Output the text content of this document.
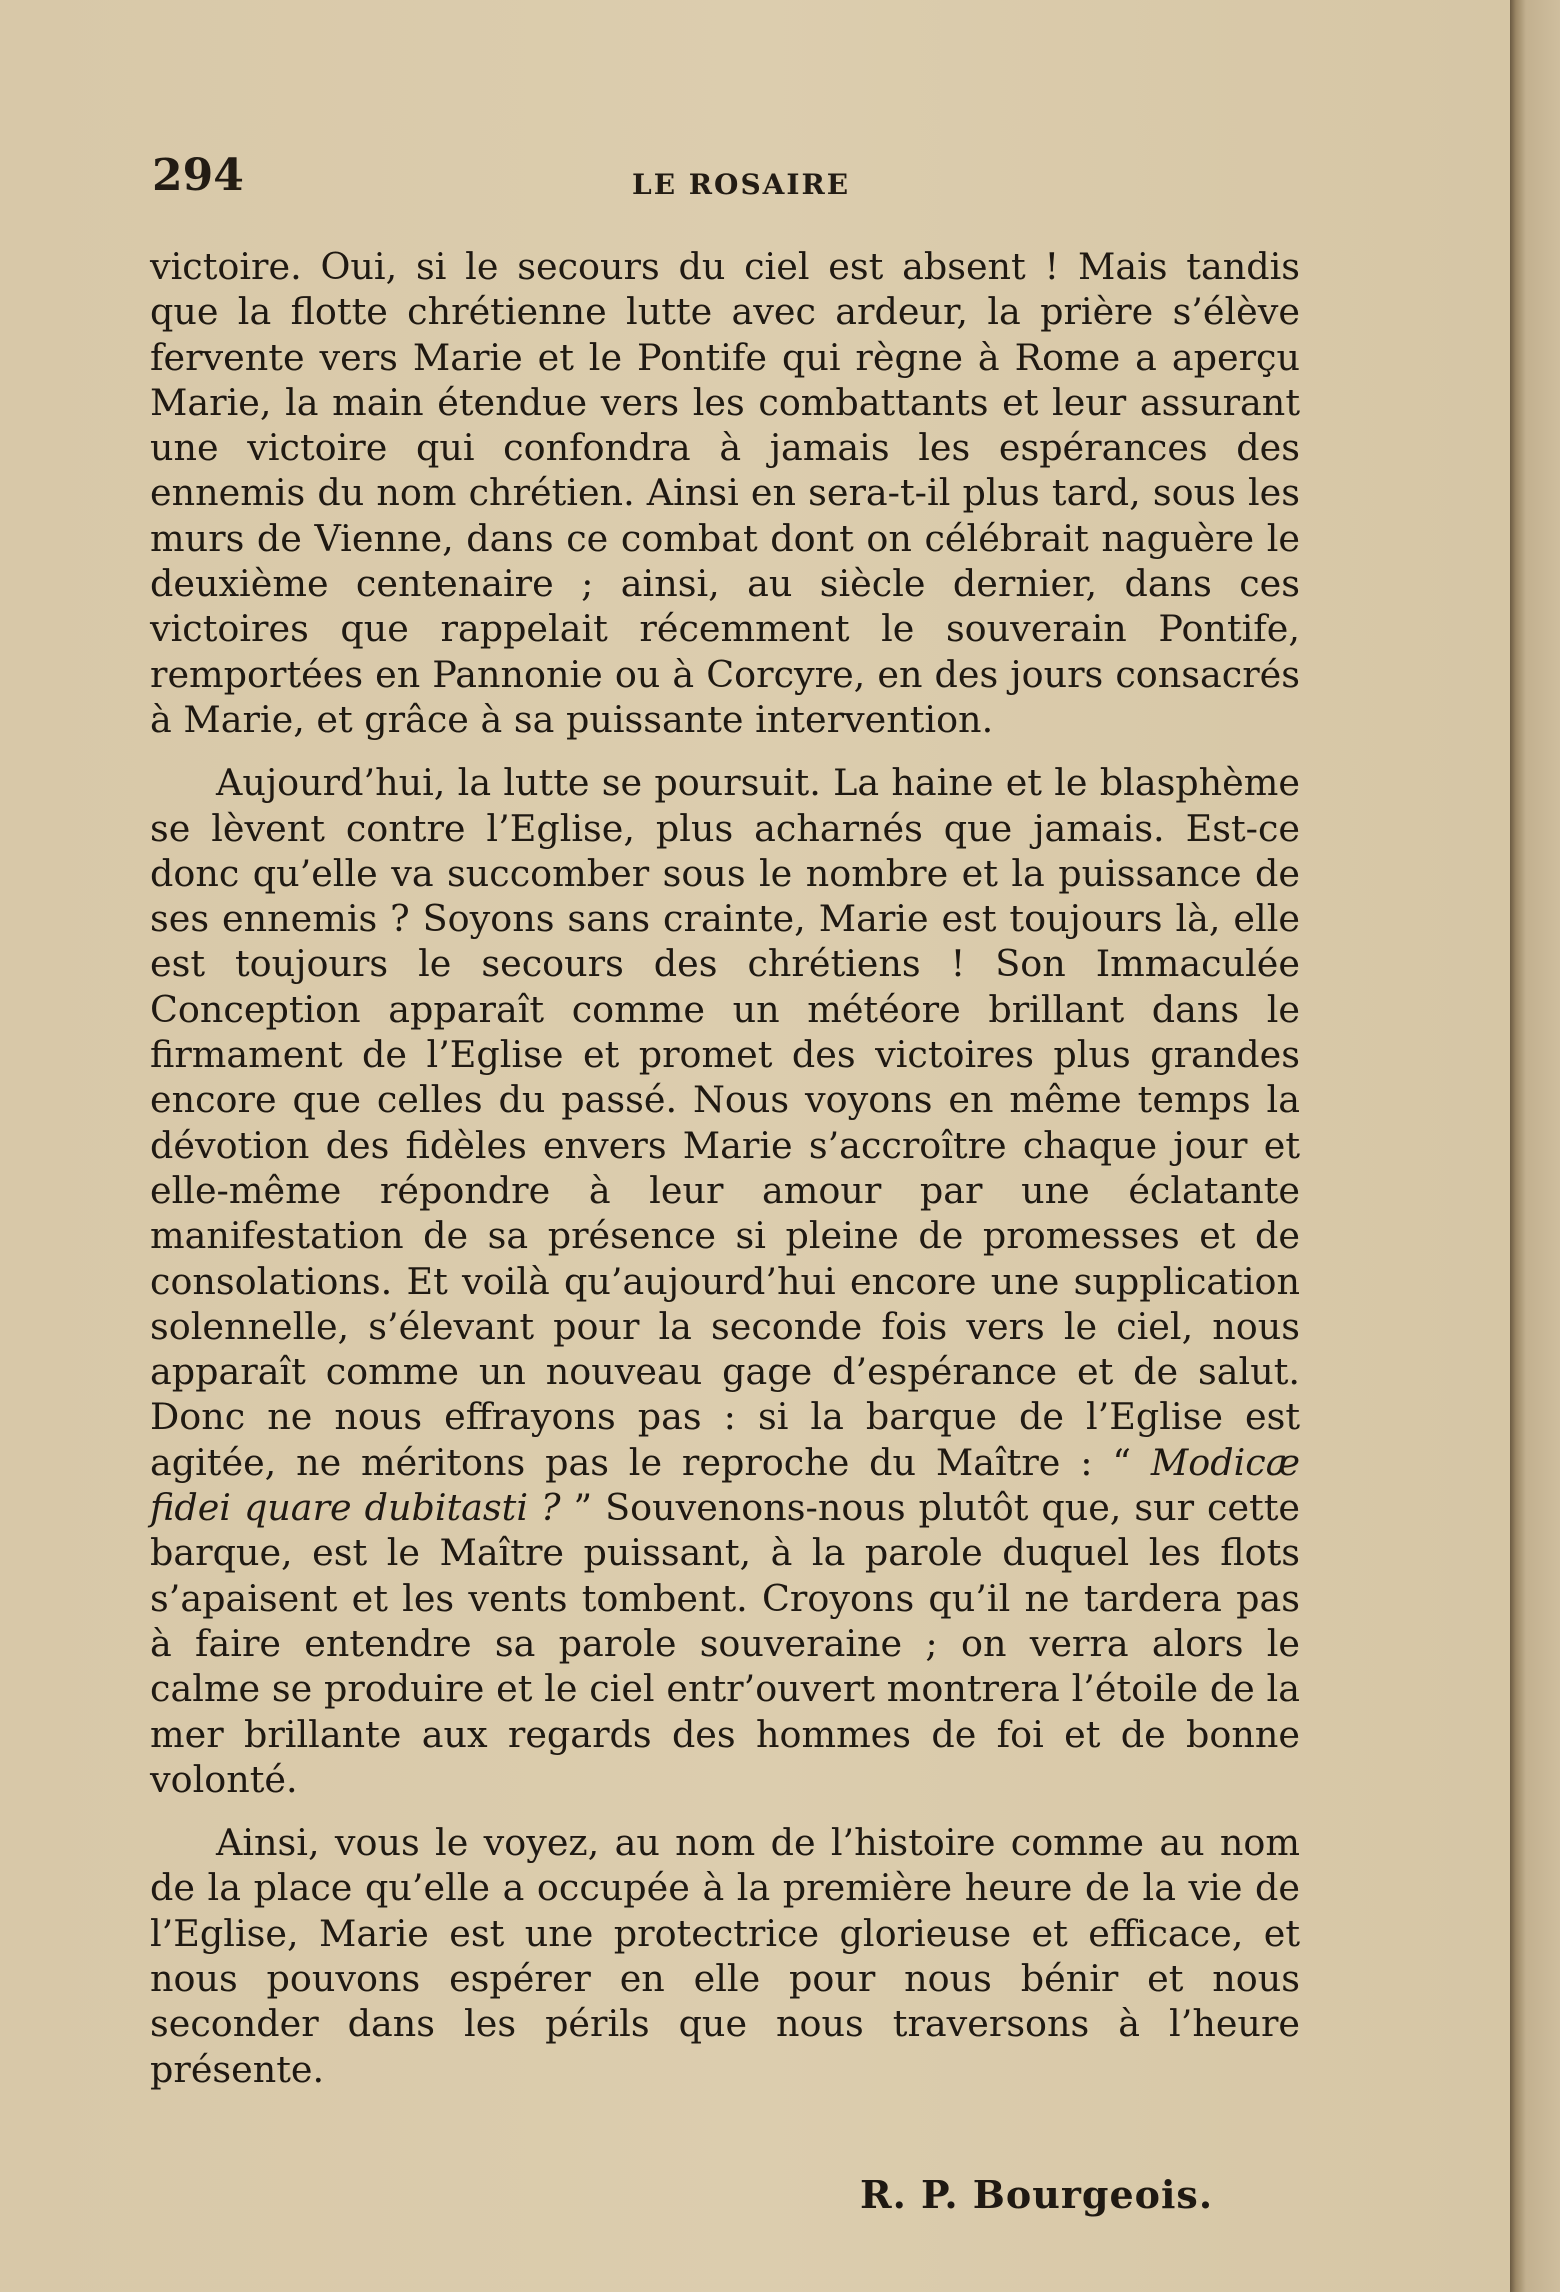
294	LE ROSAIRE

victoire. Oui, si le secours du ciel est absent ! Mais tandis que la flotte chrétienne lutte avec ardeur, la prière s’élève fervente vers Marie et le Pontife qui règne à Rome a aperçu Marie, la main étendue vers les combattants et leur assurant une victoire qui confondra à jamais les espérances des ennemis du nom chrétien. Ainsi en sera-t-il plus tard, sous les murs de Vienne, dans ce combat dont on célébrait naguère le deuxième centenaire ; ainsi, au siècle dernier, dans ces victoires que rappelait récemment le souverain Pontife, remportées en Pannonie ou à Corcyre, en des jours consacrés à Marie, et grâce à sa puissante intervention.

Aujourd’hui, la lutte se poursuit. La haine et le blasphème se lèvent contre l’Eglise, plus acharnés que jamais. Est-ce donc qu’elle va succomber sous le nombre et la puissance de ses ennemis ? Soyons sans crainte, Marie est toujours là, elle est toujours le secours des chrétiens ! Son Immaculée Conception apparaît comme un météore brillant dans le firmament de l’Eglise et promet des victoires plus grandes encore que celles du passé. Nous voyons en même temps la dévotion des fidèles envers Marie s’accroître chaque jour et elle-même répondre à leur amour par une éclatante manifestation de sa présence si pleine de promesses et de consolations. Et voilà qu’aujourd’hui encore une supplication solennelle, s’élevant pour la seconde fois vers le ciel, nous apparaît comme un nouveau gage d’espérance et de salut. Donc ne nous effrayons pas : si la barque de l’Eglise est agitée, ne méritons pas le reproche du Maître : “ Modicæ fidei quare dubitasti ? ” Souvenons-nous plutôt que, sur cette barque, est le Maître puissant, à la parole duquel les flots s’apaisent et les vents tombent. Croyons qu’il ne tardera pas à faire entendre sa parole souveraine ; on verra alors le calme se produire et le ciel entr’ouvert montrera l’étoile de la mer brillante aux regards des hommes de foi et de bonne volonté.

Ainsi, vous le voyez, au nom de l’histoire comme au nom de la place qu’elle a occupée à la première heure de la vie de l’Eglise, Marie est une protectrice glorieuse et efficace, et nous pouvons espérer en elle pour nous bénir et nous seconder dans les périls que nous traversons à l’heure présente.

R. P. Bourgeois.
